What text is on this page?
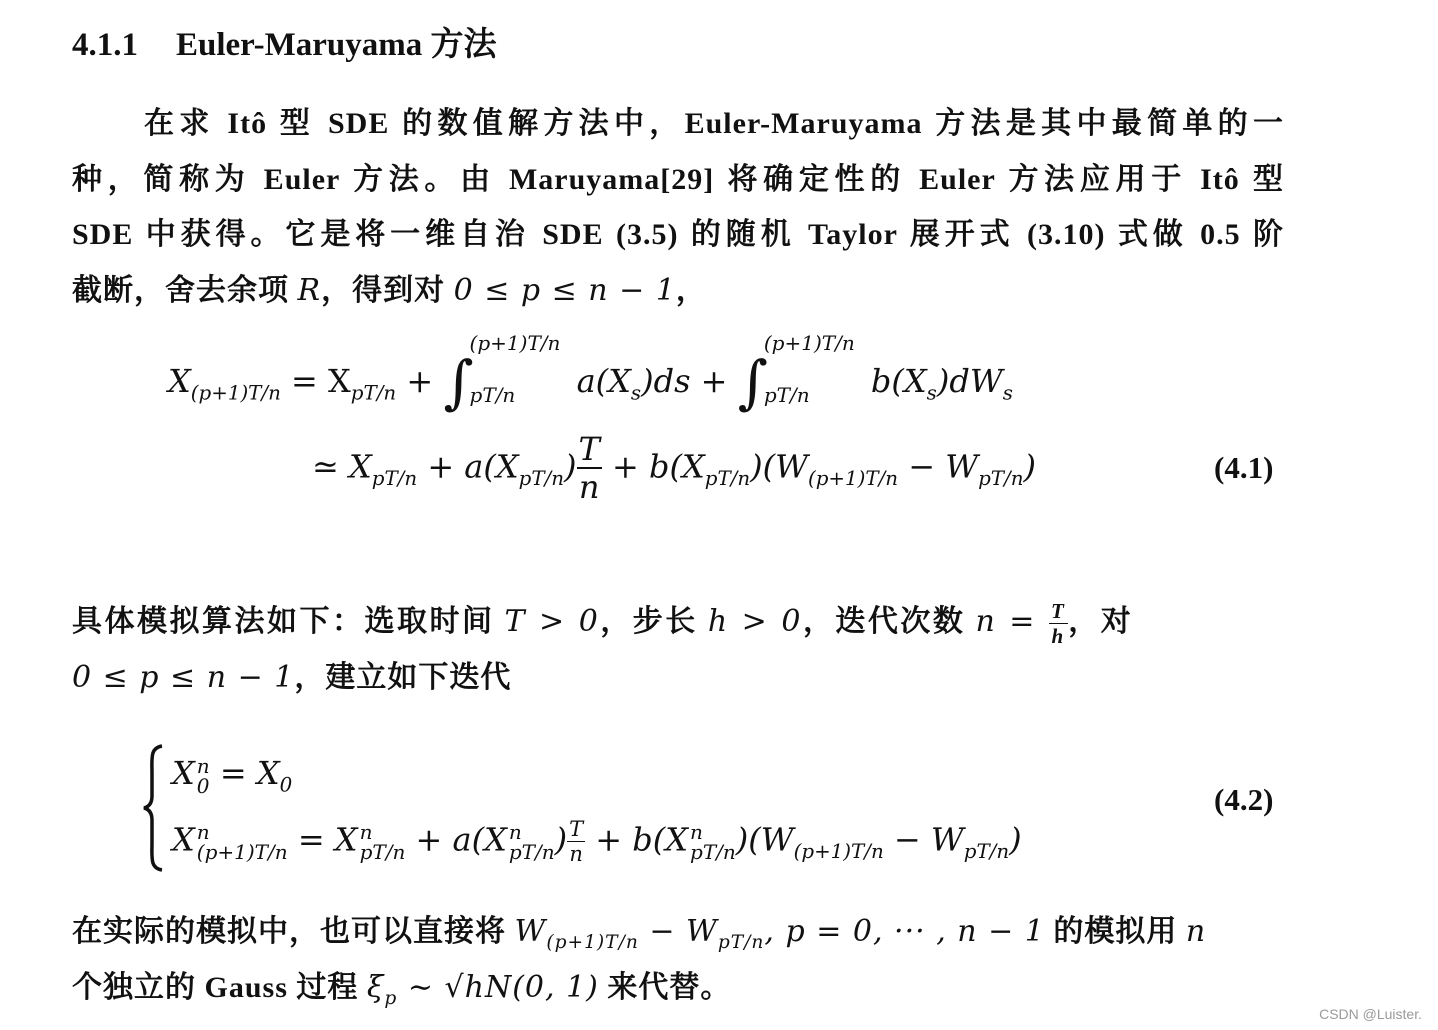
4.1.1 Euler-Maruyama 方法
在求 Itô 型 SDE 的数值解方法中，Euler-Maruyama 方法是其中最简单的一
种，简称为 Euler 方法。由 Maruyama[29] 将确定性的 Euler 方法应用于 Itô 型
SDE 中获得。它是将一维自治 SDE (3.5) 的随机 Taylor 展开式 (3.10) 式做 0.5 阶
截断，舍去余项 R，得到对 0 ≤ p ≤ n − 1，
$X_{(p+1)T/n} = X_{pT/n}$ + ∫
(p+1)T/n
pT/n	$a(X_s)ds$ + ∫
(p+1)T/n
pT/n	$b(X_s)dW_s$
≃ $X_{pT/n} + a(X_{pT/n}) \frac{T}{n} + b(X_{pT/n})(W_{(p+1)T/n} - W_{pT/n})$	(4.1)
具体模拟算法如下：选取时间 T > 0，步长 h > 0，迭代次数 $n = \frac{T}{h}$ ，对
0 ≤ p ≤ n − 1，建立如下迭代
X n
$0 = X_0$
X n
(p+1)T/n = X n
pT/n + a(X n
pT/n ) $\frac{T}{n} + b(X$ n
pT/n )$(W_{(p+1)T/n} - W_{pT/n})$
(4.2)
在实际的模拟中，也可以直接将 $W_{(p+1)T/n} - W_{pT/n}$, p = 0, ··· , n − 1 的模拟用 n
个独立的 Gauss 过程 $\xi_p$ ∼ √hN(0, 1) 来代替。
CSDN @Luister.
